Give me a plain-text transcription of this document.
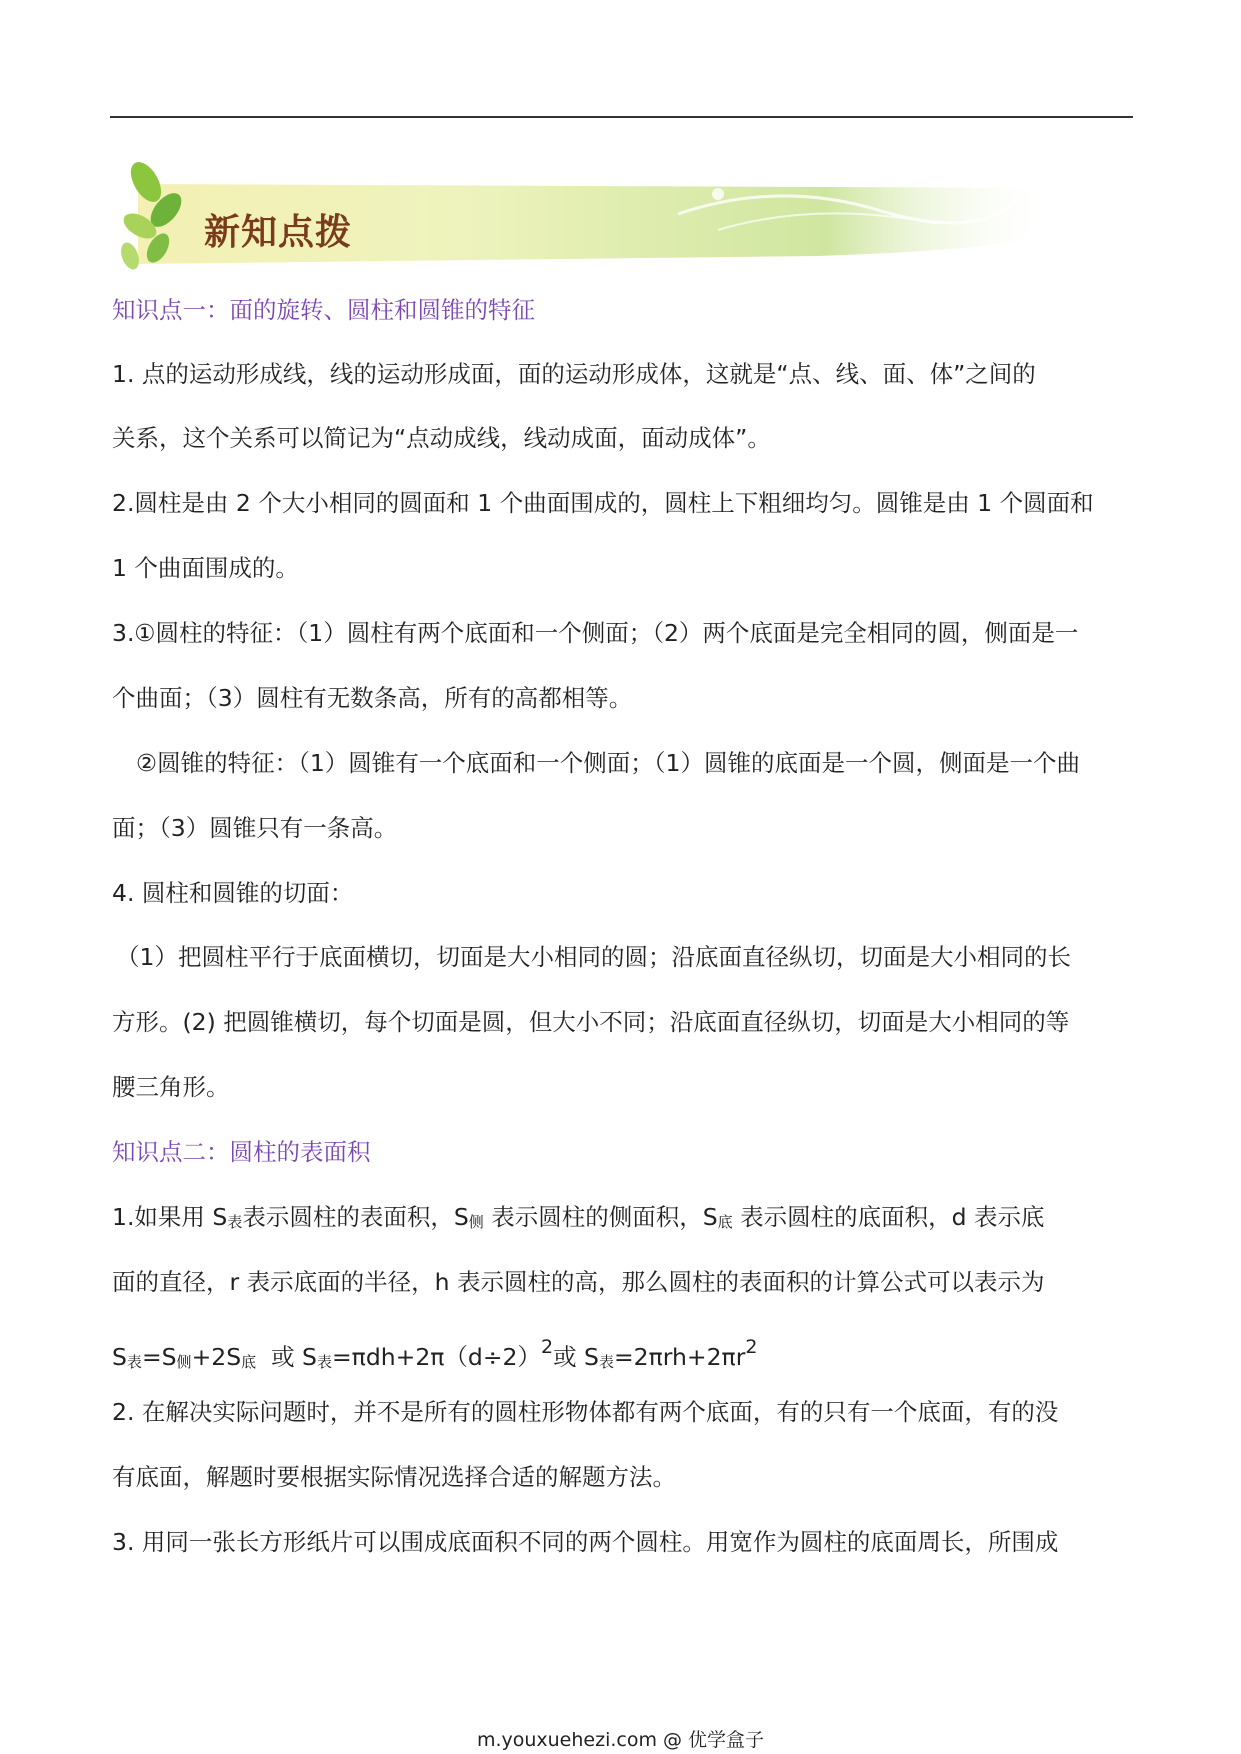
新知点拨
知识点一：面的旋转、圆柱和圆锥的特征
1. 点的运动形成线，线的运动形成面，面的运动形成体，这就是“点、线、面、体”之间的
关系，这个关系可以简记为“点动成线，线动成面，面动成体”。
2.圆柱是由 2 个大小相同的圆面和 1 个曲面围成的，圆柱上下粗细均匀。圆锥是由 1 个圆面和
1 个曲面围成的。
3.①圆柱的特征：（1）圆柱有两个底面和一个侧面；（2）两个底面是完全相同的圆，侧面是一
个曲面；（3）圆柱有无数条高，所有的高都相等。
②圆锥的特征：（1）圆锥有一个底面和一个侧面；（1）圆锥的底面是一个圆，侧面是一个曲
面；（3）圆锥只有一条高。
4. 圆柱和圆锥的切面：
（1）把圆柱平行于底面横切，切面是大小相同的圆；沿底面直径纵切，切面是大小相同的长
方形。(2) 把圆锥横切，每个切面是圆，但大小不同；沿底面直径纵切，切面是大小相同的等
腰三角形。
知识点二：圆柱的表面积
1.如果用 S表表示圆柱的表面积，S侧 表示圆柱的侧面积，S底 表示圆柱的底面积，d 表示底
面的直径，r 表示底面的半径，h 表示圆柱的高，那么圆柱的表面积的计算公式可以表示为
S表=S侧+2S底  或 S表$=\pi dh+2\pi(d\div 2)^2$或 S表$=2\pi rh+2\pi r^2$
2. 在解决实际问题时，并不是所有的圆柱形物体都有两个底面，有的只有一个底面，有的没
有底面，解题时要根据实际情况选择合适的解题方法。
3. 用同一张长方形纸片可以围成底面积不同的两个圆柱。用宽作为圆柱的底面周长，所围成
m.youxuehezi.com @ 优学盒子
